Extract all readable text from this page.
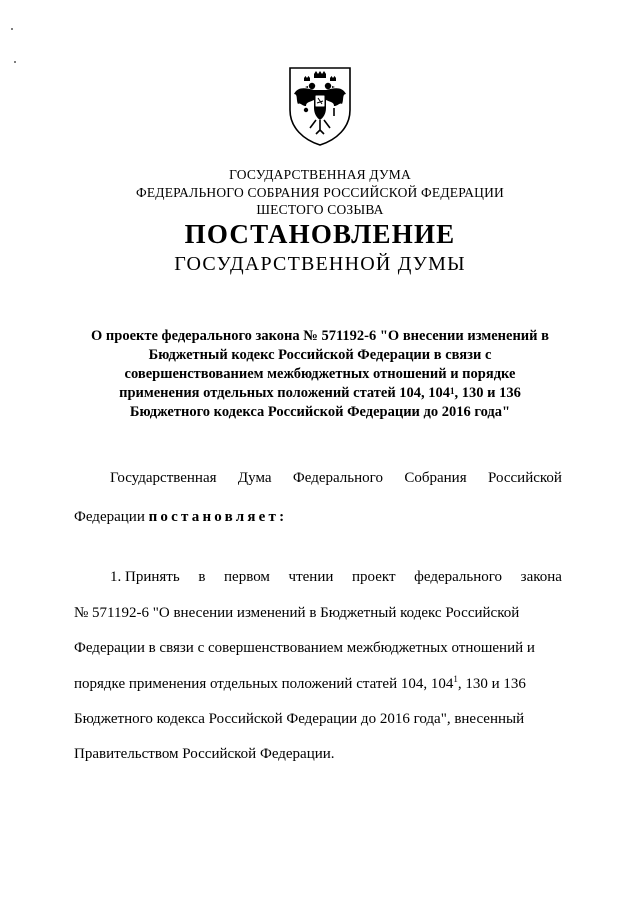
ГОСУДАРСТВЕННАЯ ДУМА
ФЕДЕРАЛЬНОГО СОБРАНИЯ РОССИЙСКОЙ ФЕДЕРАЦИИ
ШЕСТОГО СОЗЫВА
ПОСТАНОВЛЕНИЕ
ГОСУДАРСТВЕННОЙ ДУМЫ
О проекте федерального закона № 571192-6 "О внесении изменений в
Бюджетный кодекс Российской Федерации в связи с
совершенствованием межбюджетных отношений и порядке
применения отдельных положений статей 104, $104^1$, 130 и 136
Бюджетного кодекса Российской Федерации до 2016 года"
Государственная Дума Федерального Собрания Российской
Федерации постановляет:
1. Принять в первом чтении проект федерального закона
№ 571192-6 "О внесении изменений в Бюджетный кодекс Российской
Федерации в связи с совершенствованием межбюджетных отношений и
порядке применения отдельных положений статей 104, $104^1$, 130 и 136
Бюджетного кодекса Российской Федерации до 2016 года", внесенный
Правительством Российской Федерации.
